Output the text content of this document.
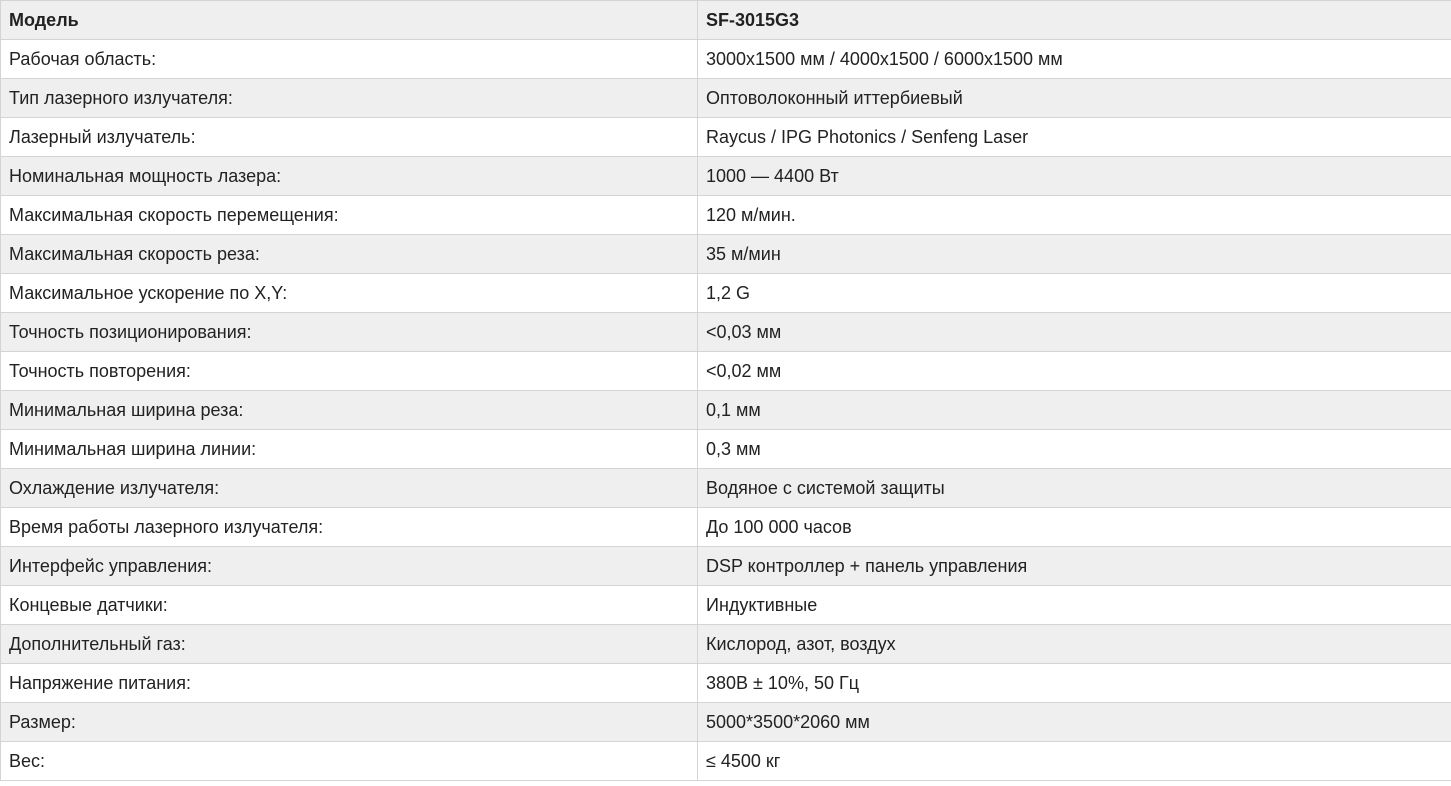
Модель	SF-3015G3
Рабочая область:	3000x1500 мм / 4000x1500 / 6000x1500 мм
Тип лазерного излучателя:	Оптоволоконный иттербиевый
Лазерный излучатель:	Raycus / IPG Photonics / Senfeng Laser
Номинальная мощность лазера:	1000 — 4400 Вт
Максимальная скорость перемещения:	120 м/мин.
Максимальная скорость реза:	35 м/мин
Максимальное ускорение по X,Y:	1,2 G
Точность позиционирования:	<0,03 мм
Точность повторения:	<0,02 мм
Минимальная ширина реза:	0,1 мм
Минимальная ширина линии:	0,3 мм
Охлаждение излучателя:	Водяное с системой защиты
Время работы лазерного излучателя:	До 100 000 часов
Интерфейс управления:	DSP контроллер + панель управления
Концевые датчики:	Индуктивные
Дополнительный газ:	Кислород, азот, воздух
Напряжение питания:	380В ± 10%, 50 Гц
Размер:	5000*3500*2060 мм
Вес:	≤ 4500 кг
